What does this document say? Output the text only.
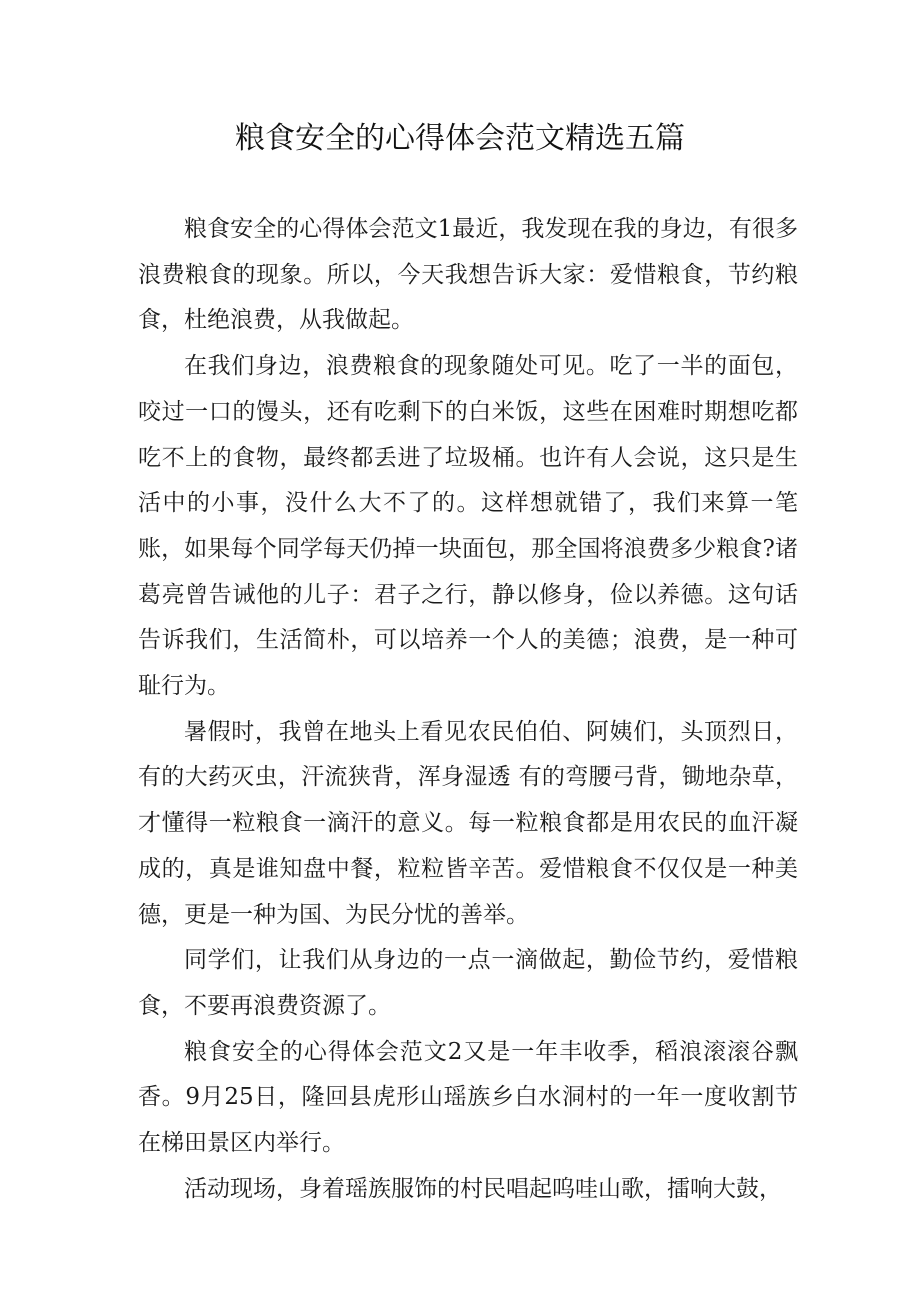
粮食安全的心得体会范文精选五篇

粮食安全的心得体会范文1最近，我发现在我的身边，有很多浪费粮食的现象。所以，今天我想告诉大家：爱惜粮食，节约粮食，杜绝浪费，从我做起。

在我们身边，浪费粮食的现象随处可见。吃了一半的面包，咬过一口的馒头，还有吃剩下的白米饭，这些在困难时期想吃都吃不上的食物，最终都丢进了垃圾桶。也许有人会说，这只是生活中的小事，没什么大不了的。这样想就错了，我们来算一笔账，如果每个同学每天仍掉一块面包，那全国将浪费多少粮食?诸葛亮曾告诫他的儿子：君子之行，静以修身，俭以养德。这句话告诉我们，生活简朴，可以培养一个人的美德；浪费，是一种可耻行为。

暑假时，我曾在地头上看见农民伯伯、阿姨们，头顶烈日，有的大药灭虫，汗流狭背，浑身湿透 有的弯腰弓背，锄地杂草，才懂得一粒粮食一滴汗的意义。每一粒粮食都是用农民的血汗凝成的，真是谁知盘中餐，粒粒皆辛苦。爱惜粮食不仅仅是一种美德，更是一种为国、为民分忧的善举。

同学们，让我们从身边的一点一滴做起，勤俭节约，爱惜粮食，不要再浪费资源了。

粮食安全的心得体会范文2又是一年丰收季，稻浪滚滚谷飘香。9月25日，隆回县虎形山瑶族乡白水洞村的一年一度收割节在梯田景区内举行。

活动现场，身着瑶族服饰的村民唱起呜哇山歌，擂响大鼓，
